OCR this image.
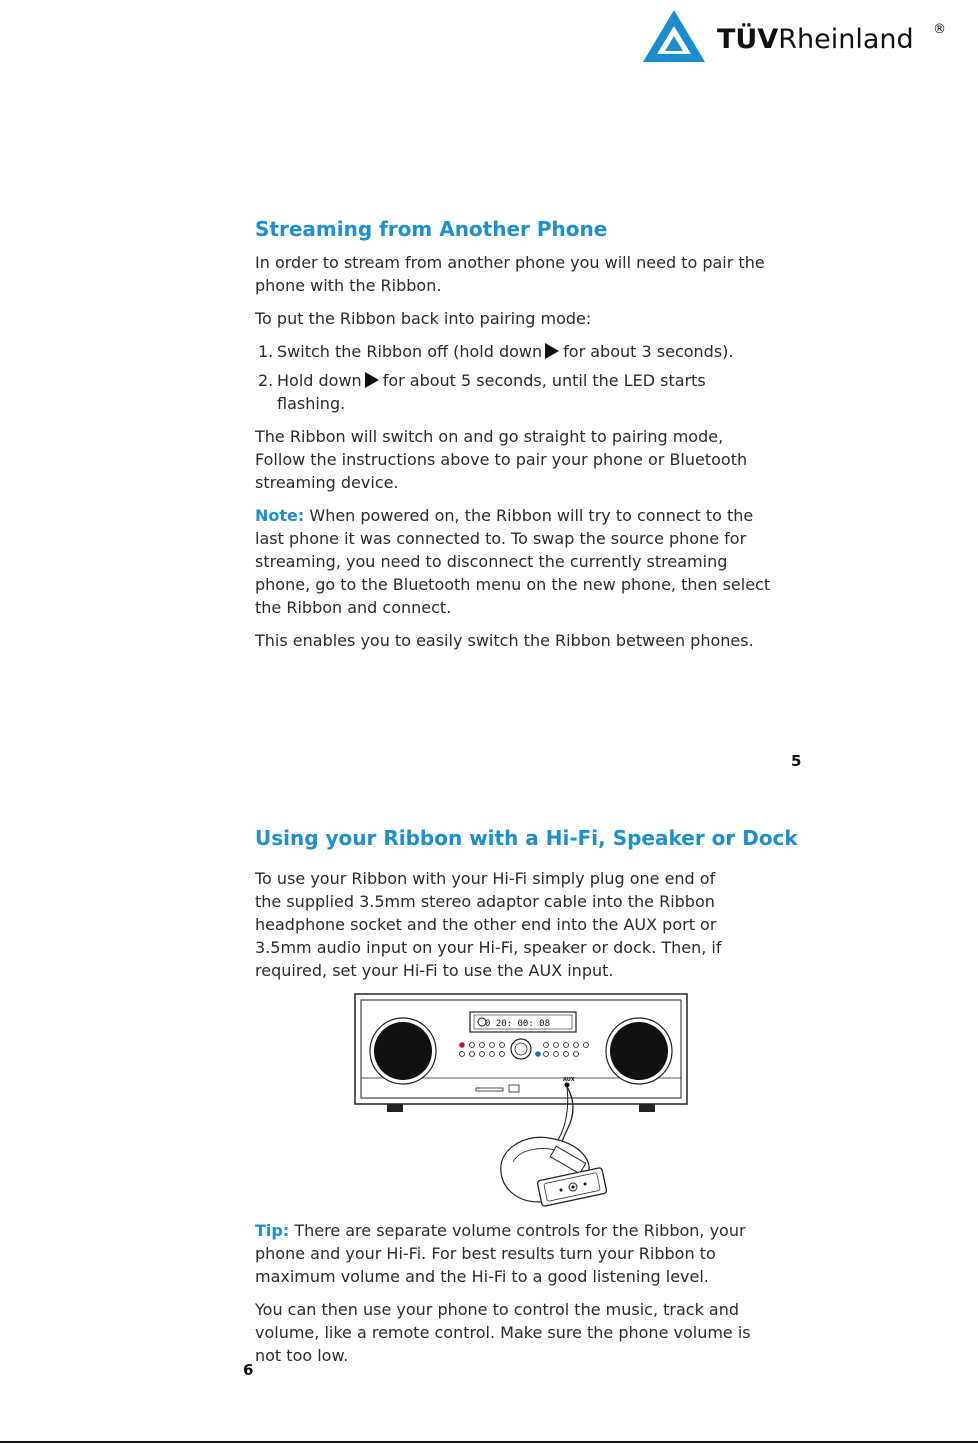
TÜVRheinland ®
Streaming from Another Phone

In order to stream from another phone you will need to pair the
phone with the Ribbon.

To put the Ribbon back into pairing mode:

1. Switch the Ribbon off (hold down for about 3 seconds).
2. Hold down for about 5 seconds, until the LED starts
flashing.

The Ribbon will switch on and go straight to pairing mode,
Follow the instructions above to pair your phone or Bluetooth
streaming device.

Note: When powered on, the Ribbon will try to connect to the
last phone it was connected to. To swap the source phone for
streaming, you need to disconnect the currently streaming
phone, go to the Bluetooth menu on the new phone, then select
the Ribbon and connect.

This enables you to easily switch the Ribbon between phones.

5
Using your Ribbon with a Hi-Fi, Speaker or Dock

To use your Ribbon with your Hi-Fi simply plug one end of
the supplied 3.5mm stereo adaptor cable into the Ribbon
headphone socket and the other end into the AUX port or
3.5mm audio input on your Hi-Fi, speaker or dock. Then, if
required, set your Hi-Fi to use the AUX input.

0 20: 00: 08
AUX

Tip: There are separate volume controls for the Ribbon, your
phone and your Hi-Fi. For best results turn your Ribbon to
maximum volume and the Hi-Fi to a good listening level.

You can then use your phone to control the music, track and
volume, like a remote control. Make sure the phone volume is
not too low.

6
